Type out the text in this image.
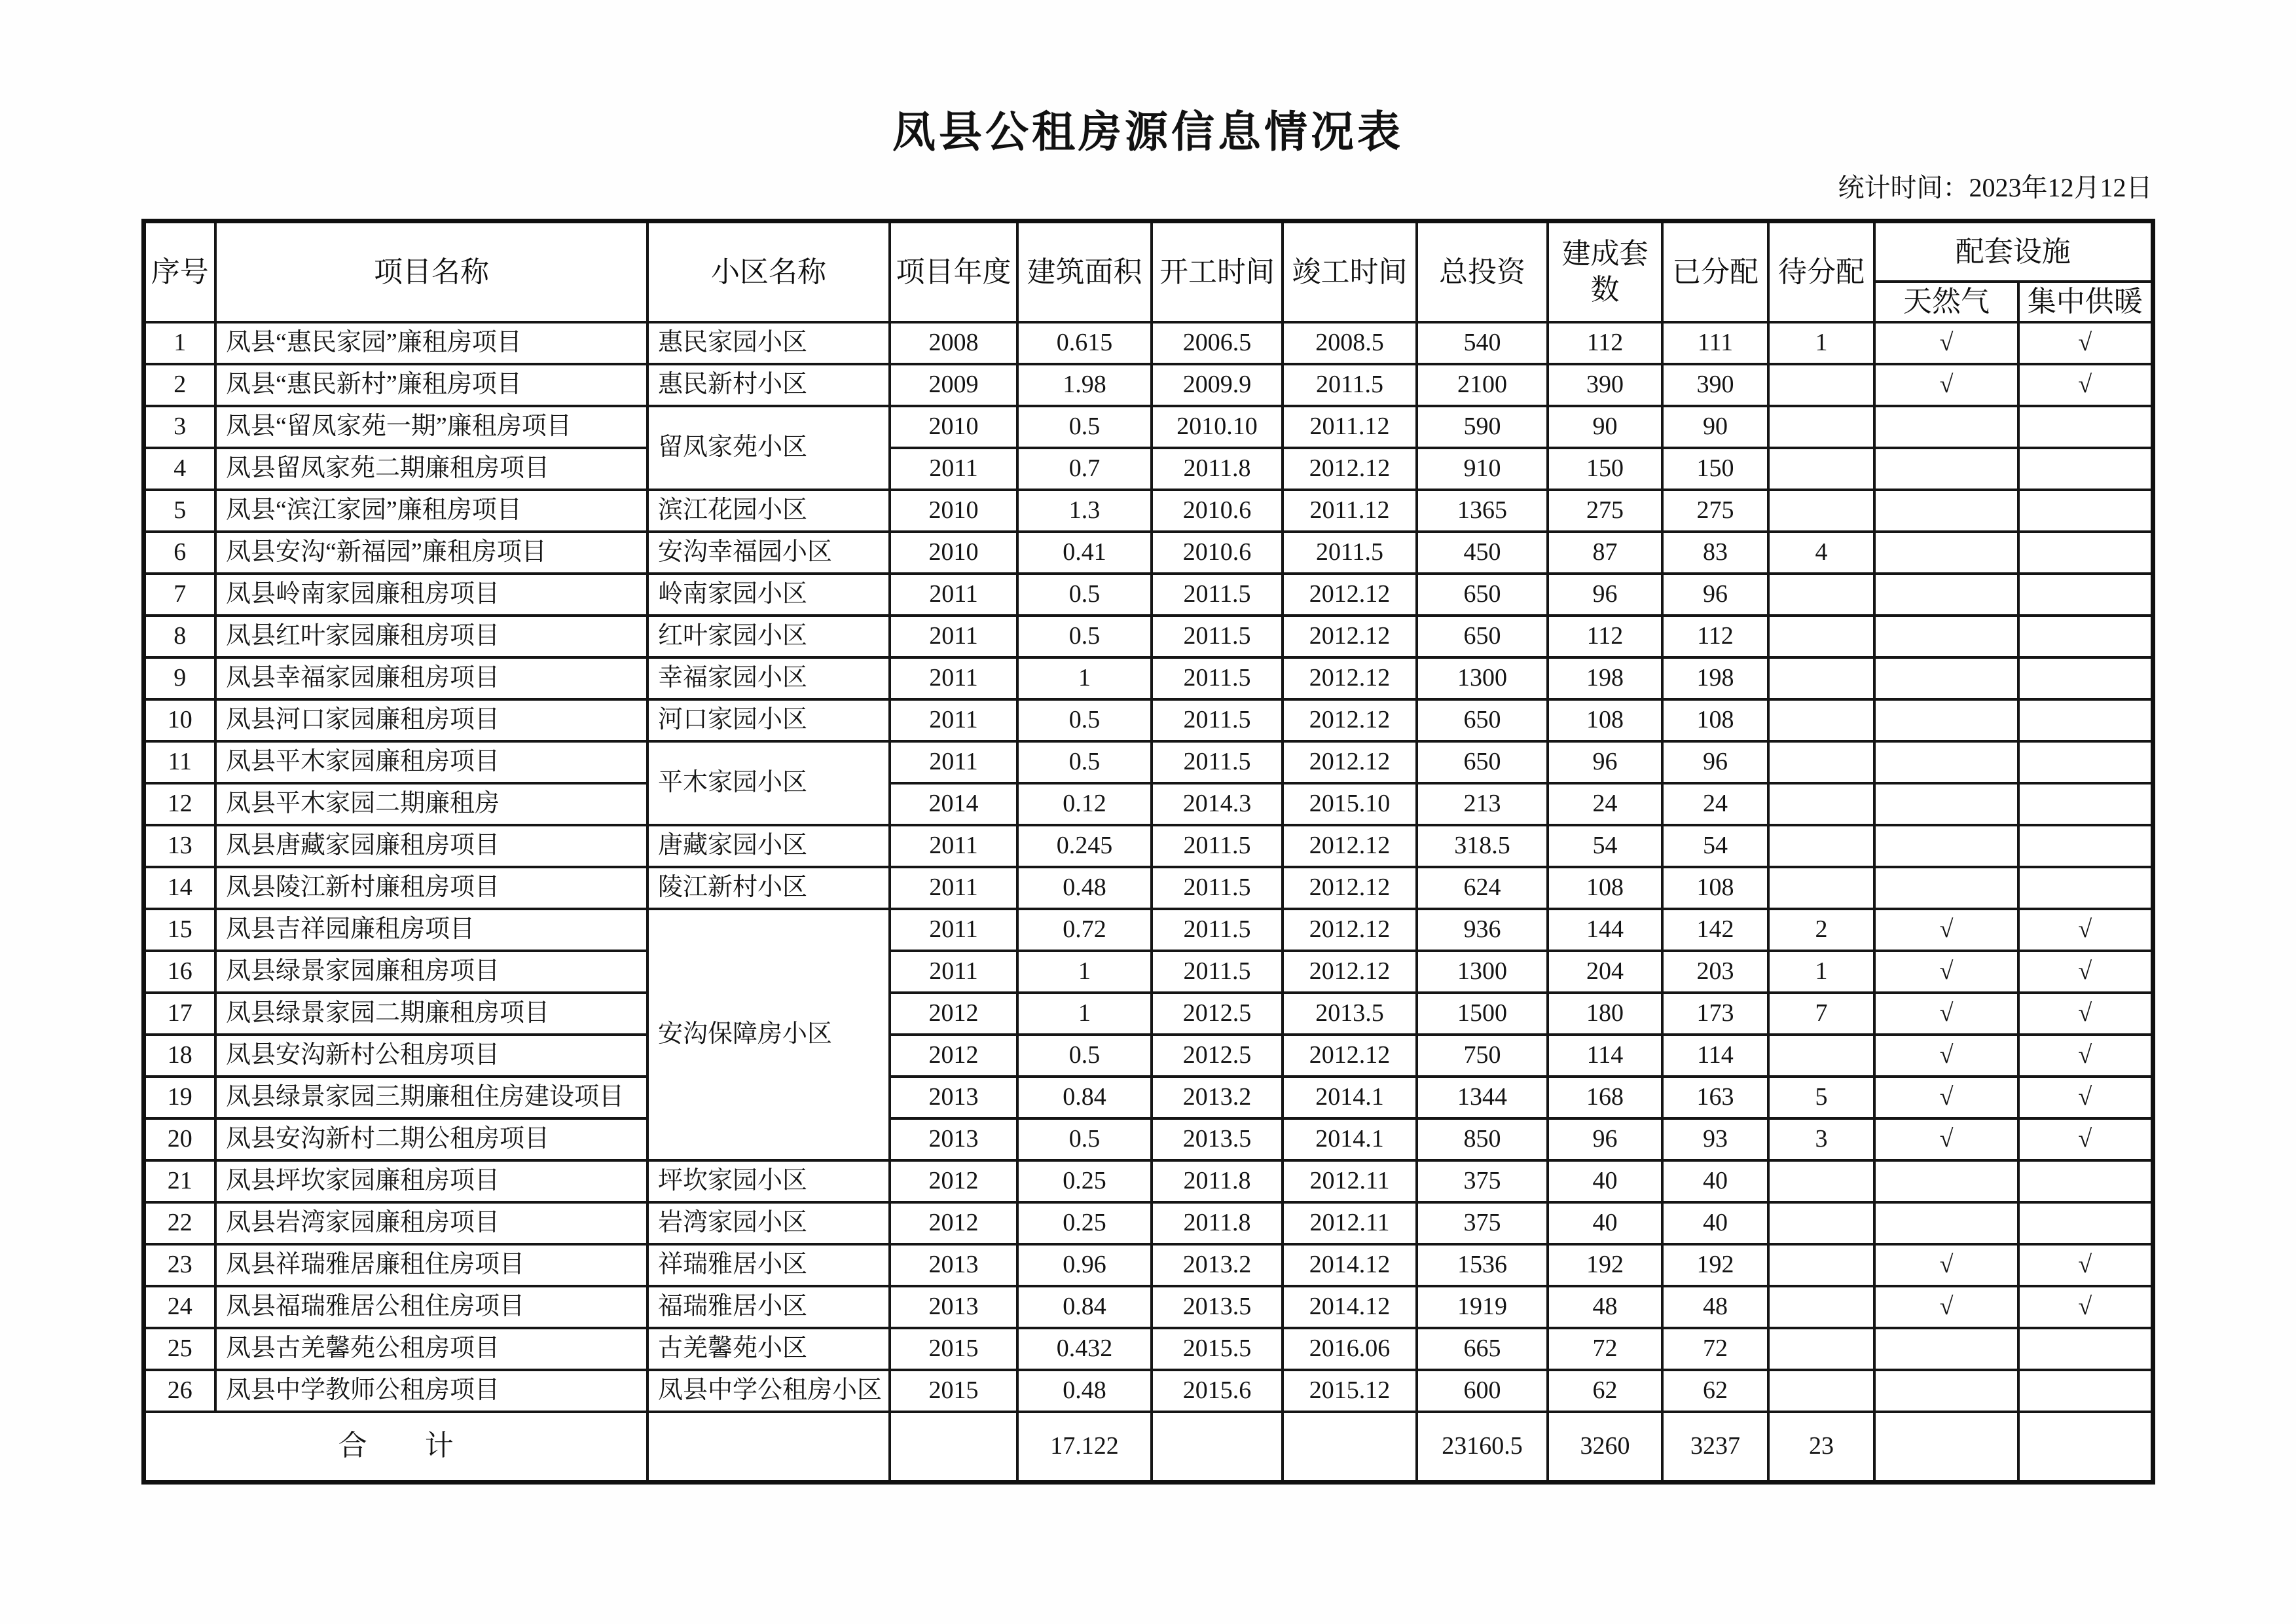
凤县公租房源信息情况表
统计时间：2023年12月12日
序号	项目名称	小区名称	项目年度	建筑面积	开工时间	竣工时间	总投资	建成套数	已分配	待分配	配套设施	
											天然气	集中供暖
1	凤县“惠民家园”廉租房项目	惠民家园小区	2008	0.615	2006.5	2008.5	540	112	111	1	√	√
2	凤县“惠民新村”廉租房项目	惠民新村小区	2009	1.98	2009.9	2011.5	2100	390	390		√	√
3	凤县“留凤家苑一期”廉租房项目	留凤家苑小区	2010	0.5	2010.10	2011.12	590	90	90			
4	凤县留凤家苑二期廉租房项目		2011	0.7	2011.8	2012.12	910	150	150			
5	凤县“滨江家园”廉租房项目	滨江花园小区	2010	1.3	2010.6	2011.12	1365	275	275			
6	凤县安沟“新福园”廉租房项目	安沟幸福园小区	2010	0.41	2010.6	2011.5	450	87	83	4		
7	凤县岭南家园廉租房项目	岭南家园小区	2011	0.5	2011.5	2012.12	650	96	96			
8	凤县红叶家园廉租房项目	红叶家园小区	2011	0.5	2011.5	2012.12	650	112	112			
9	凤县幸福家园廉租房项目	幸福家园小区	2011	1	2011.5	2012.12	1300	198	198			
10	凤县河口家园廉租房项目	河口家园小区	2011	0.5	2011.5	2012.12	650	108	108			
11	凤县平木家园廉租房项目	平木家园小区	2011	0.5	2011.5	2012.12	650	96	96			
12	凤县平木家园二期廉租房		2014	0.12	2014.3	2015.10	213	24	24			
13	凤县唐藏家园廉租房项目	唐藏家园小区	2011	0.245	2011.5	2012.12	318.5	54	54			
14	凤县陵江新村廉租房项目	陵江新村小区	2011	0.48	2011.5	2012.12	624	108	108			
15	凤县吉祥园廉租房项目	安沟保障房小区	2011	0.72	2011.5	2012.12	936	144	142	2	√	√
16	凤县绿景家园廉租房项目		2011	1	2011.5	2012.12	1300	204	203	1	√	√
17	凤县绿景家园二期廉租房项目		2012	1	2012.5	2013.5	1500	180	173	7	√	√
18	凤县安沟新村公租房项目		2012	0.5	2012.5	2012.12	750	114	114		√	√
19	凤县绿景家园三期廉租住房建设项目		2013	0.84	2013.2	2014.1	1344	168	163	5	√	√
20	凤县安沟新村二期公租房项目		2013	0.5	2013.5	2014.1	850	96	93	3	√	√
21	凤县坪坎家园廉租房项目	坪坎家园小区	2012	0.25	2011.8	2012.11	375	40	40			
22	凤县岩湾家园廉租房项目	岩湾家园小区	2012	0.25	2011.8	2012.11	375	40	40			
23	凤县祥瑞雅居廉租住房项目	祥瑞雅居小区	2013	0.96	2013.2	2014.12	1536	192	192		√	√
24	凤县福瑞雅居公租住房项目	福瑞雅居小区	2013	0.84	2013.5	2014.12	1919	48	48		√	√
25	凤县古羌馨苑公租房项目	古羌馨苑小区	2015	0.432	2015.5	2016.06	665	72	72			
26	凤县中学教师公租房项目	凤县中学公租房小区	2015	0.48	2015.6	2015.12	600	62	62			
合　　计				17.122			23160.5	3260	3237	23		
